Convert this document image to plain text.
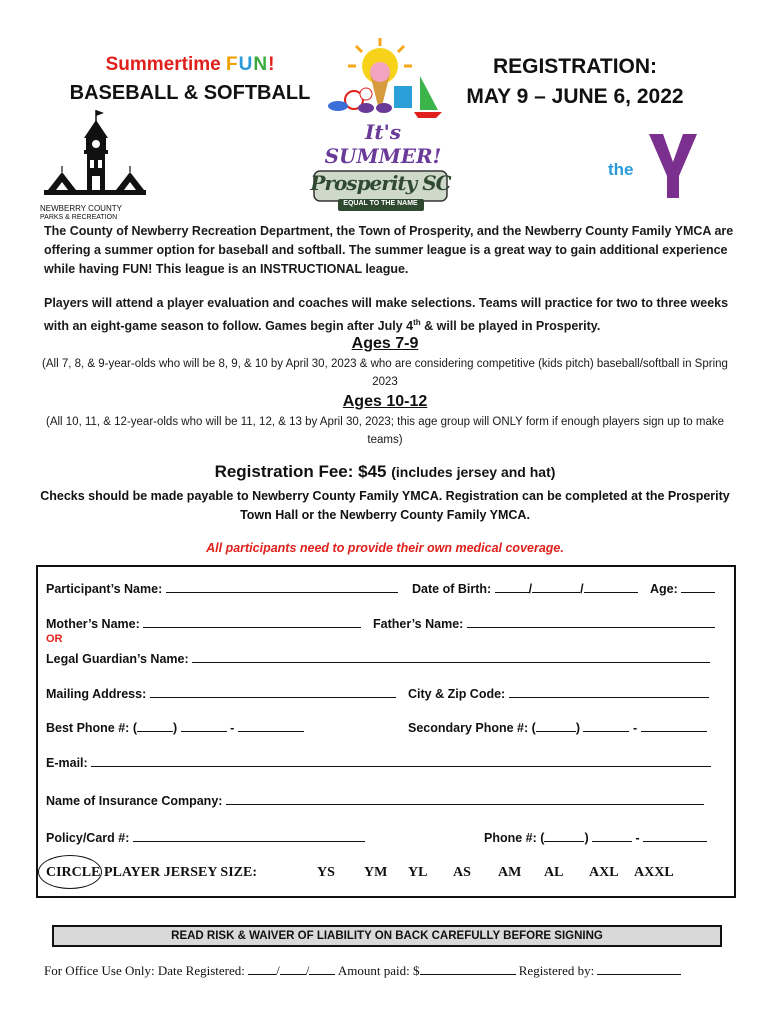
Summertime FUN!
BASEBALL & SOFTBALL
REGISTRATION:
MAY 9 – JUNE 6, 2022
NEWBERRY COUNTY
PARKS & RECREATION
It's SUMMER!
Prosperity SC
EQUAL TO THE NAME
the	YMCA
The County of Newberry Recreation Department, the Town of Prosperity, and the Newberry County Family YMCA are offering a summer option for baseball and softball. The summer league is a great way to gain additional experience while having FUN! This league is an INSTRUCTIONAL league.
Players will attend a player evaluation and coaches will make selections. Teams will practice for two to three weeks with an eight-game season to follow. Games begin after July 4th & will be played in Prosperity.
Ages 7-9
(All 7, 8, & 9-year-olds who will be 8, 9, & 10 by April 30, 2023 & who are considering competitive (kids pitch) baseball/softball in Spring 2023
Ages 10-12
(All 10, 11, & 12-year-olds who will be 11, 12, & 13 by April 30, 2023; this age group will ONLY form if enough players sign up to make teams)
Registration Fee: $45 (includes jersey and hat)
Checks should be made payable to Newberry County Family YMCA. Registration can be completed at the Prosperity Town Hall or the Newberry County Family YMCA.
All participants need to provide their own medical coverage.
Participant’s Name:	Date of Birth:	/	/	Age:
Mother’s Name:	Father’s Name:
OR
Legal Guardian’s Name:
Mailing Address:	City & Zip Code:
Best Phone #: (	)	-	Secondary Phone #: (	)	-
E-mail:
Name of Insurance Company:
Policy/Card #:	Phone #: (	)	-
CIRCLE PLAYER JERSEY SIZE:	YS YM YL AS AM AL AXL AXXL
READ RISK & WAIVER OF LIABILITY ON BACK CAREFULLY BEFORE SIGNING
For Office Use Only: Date Registered: / / Amount paid: $	Registered by:
